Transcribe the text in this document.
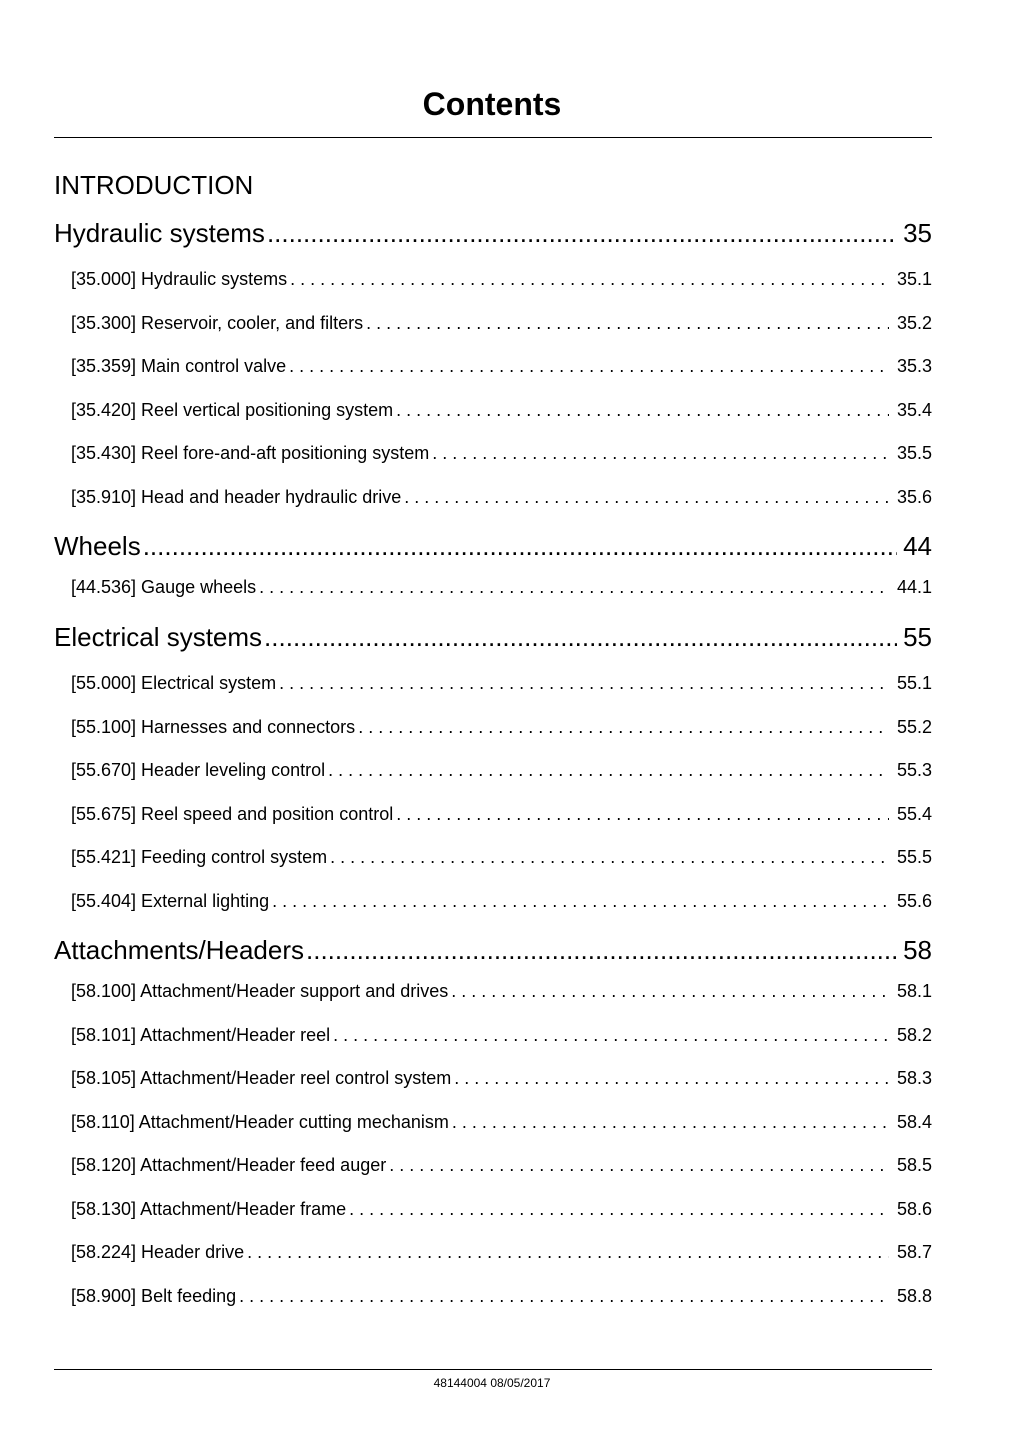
Contents
INTRODUCTION
Hydraulic systems .....	35
[35.000] Hydraulic systems . . .	35.1
[35.300] Reservoir, cooler, and filters . . .	35.2
[35.359] Main control valve . . .	35.3
[35.420] Reel vertical positioning system . . .	35.4
[35.430] Reel fore-and-aft positioning system . . .	35.5
[35.910] Head and header hydraulic drive . . .	35.6
Wheels .....	44
[44.536] Gauge wheels . . .	44.1
Electrical systems .....	55
[55.000] Electrical system . . .	55.1
[55.100] Harnesses and connectors . . .	55.2
[55.670] Header leveling control . . .	55.3
[55.675] Reel speed and position control . . .	55.4
[55.421] Feeding control system . . .	55.5
[55.404] External lighting . . .	55.6
Attachments/Headers .....	58
[58.100] Attachment/Header support and drives . . .	58.1
[58.101] Attachment/Header reel . . .	58.2
[58.105] Attachment/Header reel control system . . .	58.3
[58.110] Attachment/Header cutting mechanism . . .	58.4
[58.120] Attachment/Header feed auger . . .	58.5
[58.130] Attachment/Header frame . . .	58.6
[58.224] Header drive . . .	58.7
[58.900] Belt feeding . . .	58.8
48144004 08/05/2017
